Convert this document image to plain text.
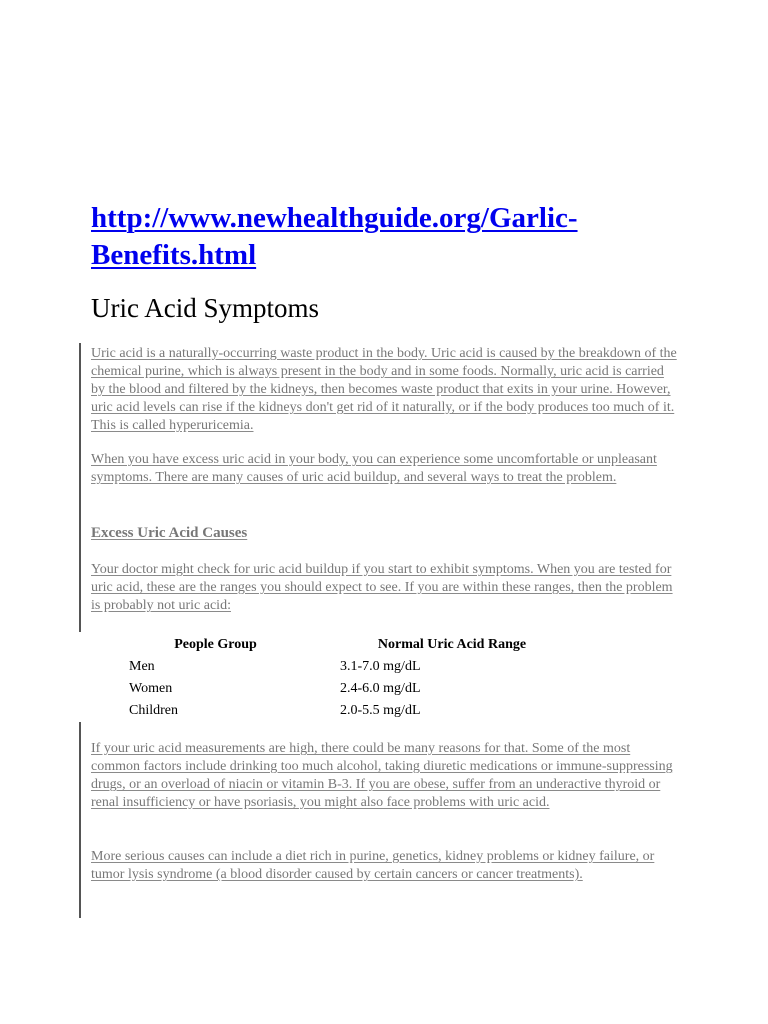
http://www.newhealthguide.org/Garlic-Benefits.html
Uric Acid Symptoms

Uric acid is a naturally-occurring waste product in the body. Uric acid is caused by the breakdown of the chemical purine, which is always present in the body and in some foods. Normally, uric acid is carried by the blood and filtered by the kidneys, then becomes waste product that exits in your urine. However, uric acid levels can rise if the kidneys don't get rid of it naturally, or if the body produces too much of it. This is called hyperuricemia.

When you have excess uric acid in your body, you can experience some uncomfortable or unpleasant symptoms. There are many causes of uric acid buildup, and several ways to treat the problem.

Excess Uric Acid Causes

Your doctor might check for uric acid buildup if you start to exhibit symptoms. When you are tested for uric acid, these are the ranges you should expect to see. If you are within these ranges, then the problem is probably not uric acid:

People Group	Normal Uric Acid Range
Men	3.1-7.0 mg/dL
Women	2.4-6.0 mg/dL
Children	2.0-5.5 mg/dL

If your uric acid measurements are high, there could be many reasons for that. Some of the most common factors include drinking too much alcohol, taking diuretic medications or immune-suppressing drugs, or an overload of niacin or vitamin B-3. If you are obese, suffer from an underactive thyroid or renal insufficiency or have psoriasis, you might also face problems with uric acid.

More serious causes can include a diet rich in purine, genetics, kidney problems or kidney failure, or tumor lysis syndrome (a blood disorder caused by certain cancers or cancer treatments).
